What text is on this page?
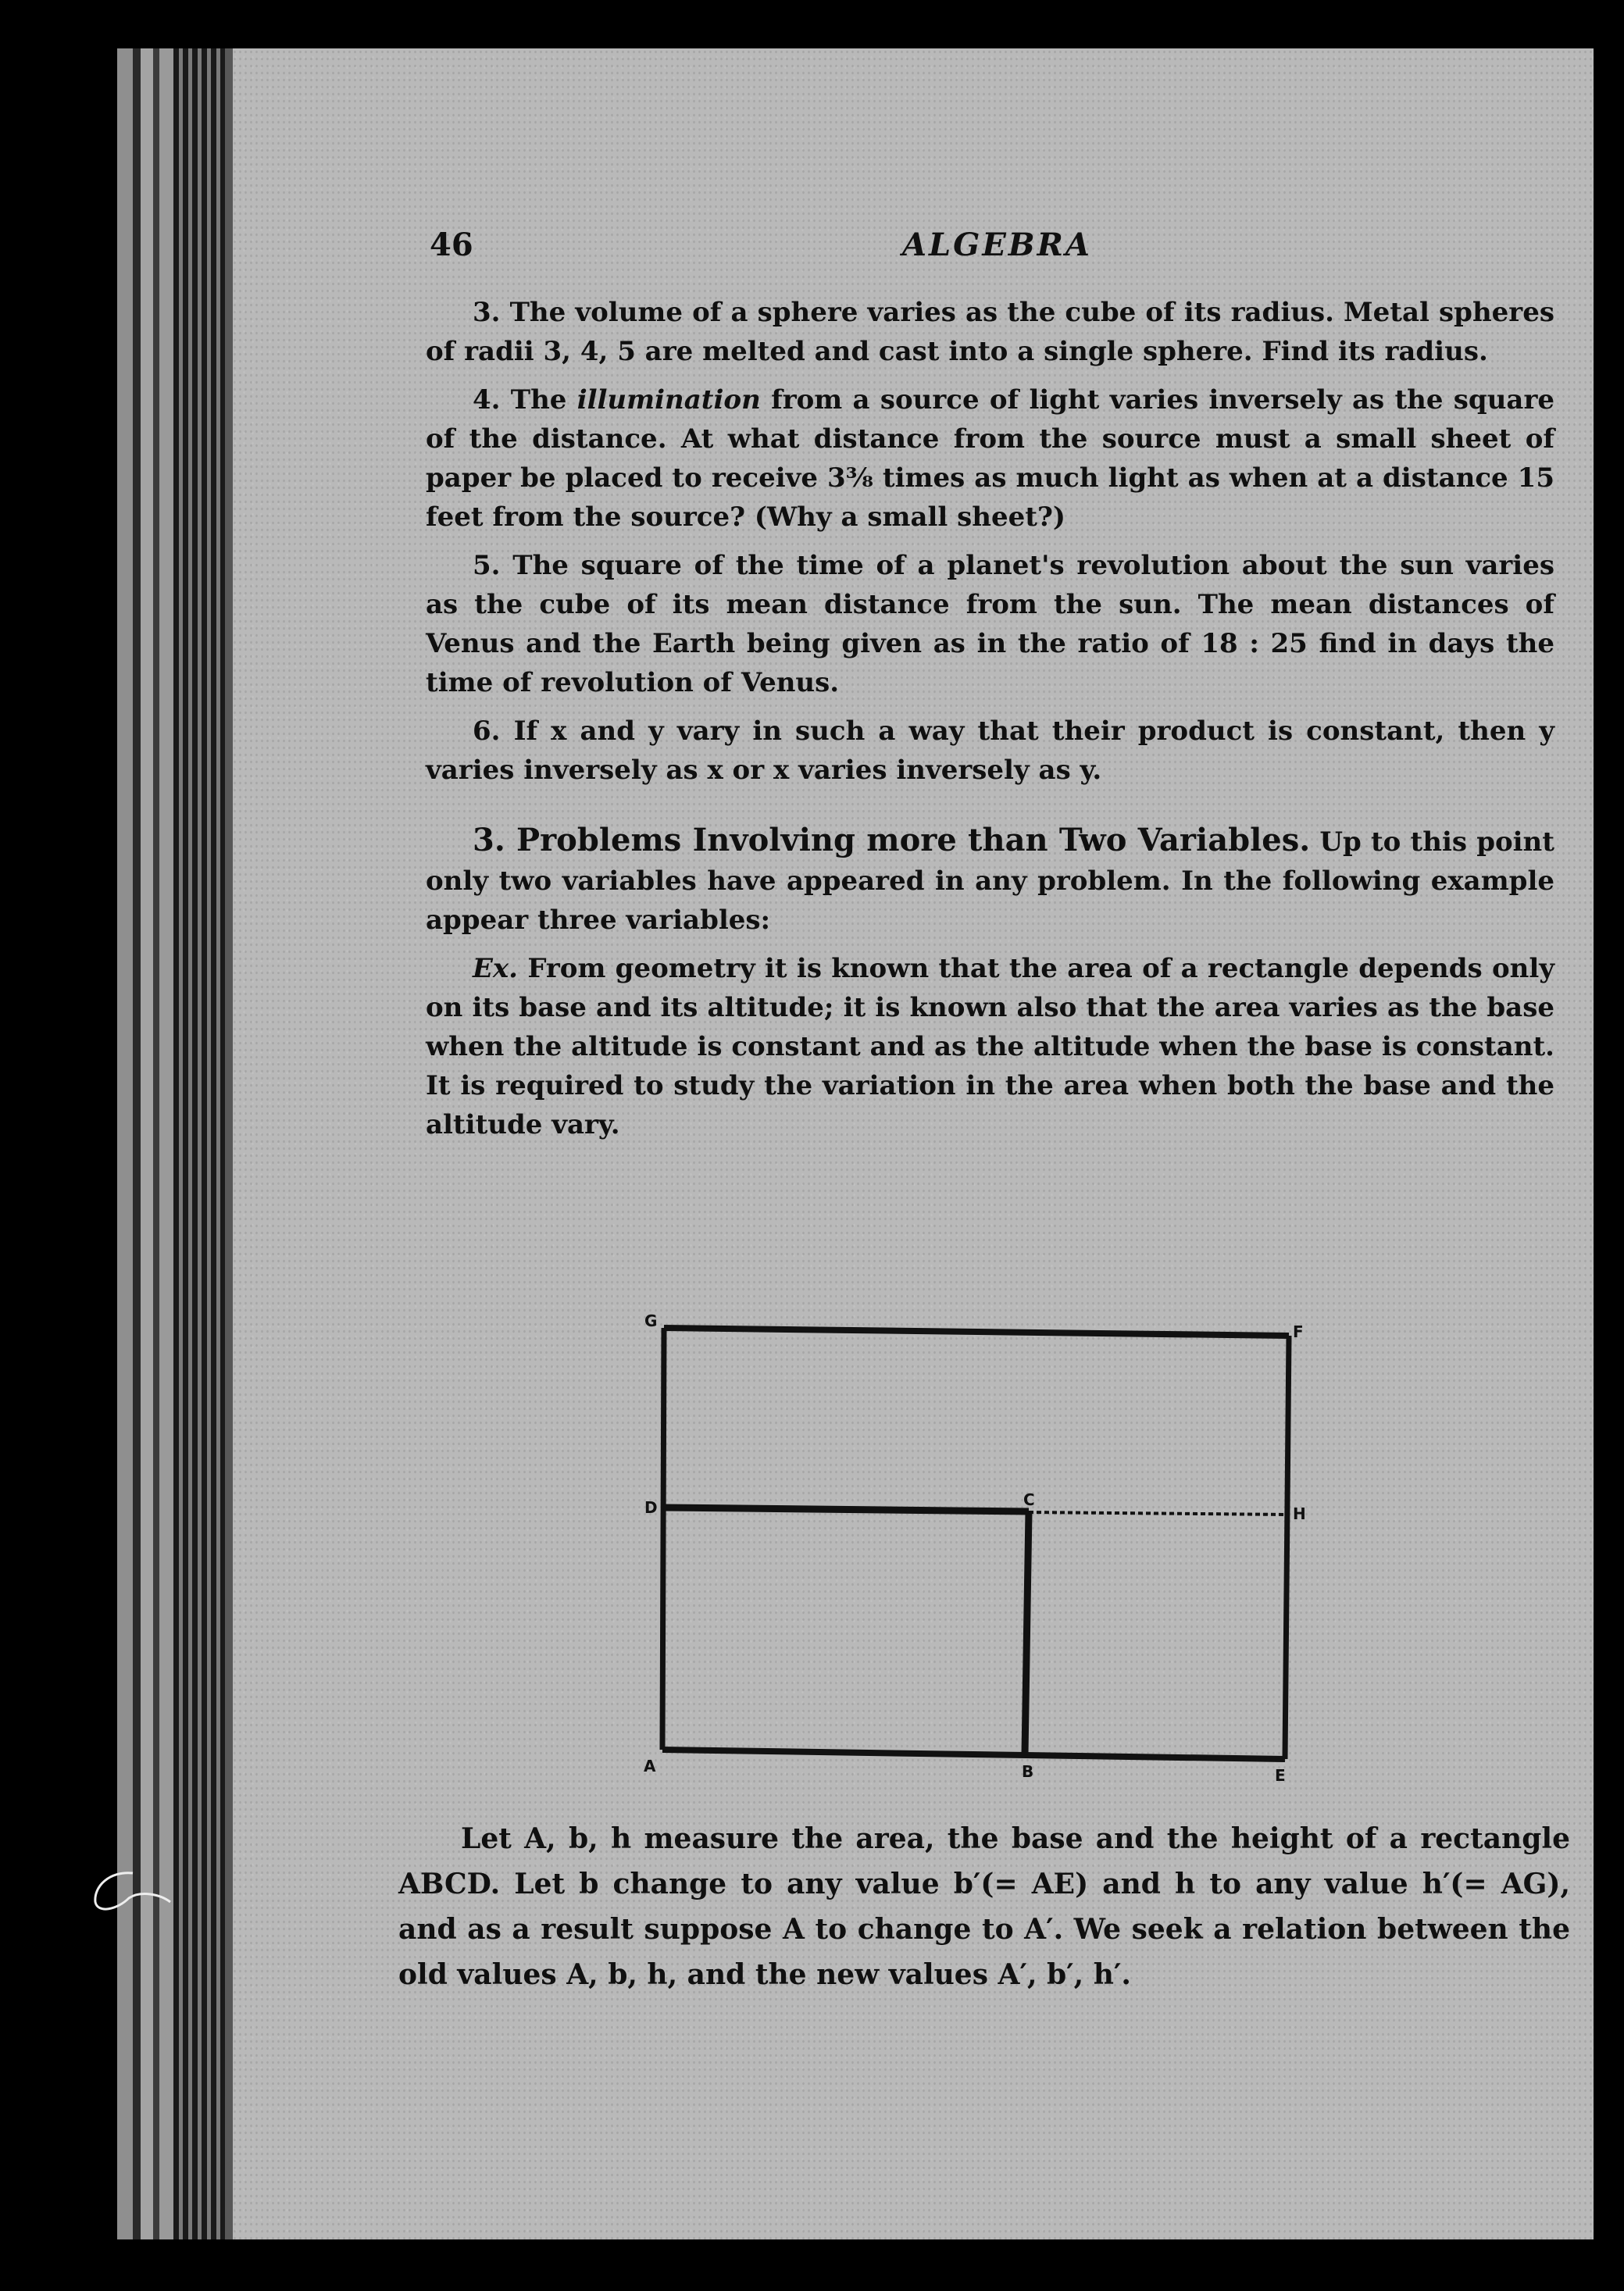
46	ALGEBRA

3. The volume of a sphere varies as the cube of its radius. Metal spheres of radii 3, 4, 5 are melted and cast into a single sphere. Find its radius.

4. The illumination from a source of light varies inversely as the square of the distance. At what distance from the source must a small sheet of paper be placed to receive 3⅜ times as much light as when at a distance 15 feet from the source? (Why a small sheet?)

5. The square of the time of a planet's revolution about the sun varies as the cube of its mean distance from the sun. The mean distances of Venus and the Earth being given as in the ratio of 18 : 25 find in days the time of revolution of Venus.

6. If x and y vary in such a way that their product is constant, then y varies inversely as x or x varies inversely as y.

3. Problems Involving more than Two Variables. Up to this point only two variables have appeared in any problem. In the following example appear three variables:

Ex. From geometry it is known that the area of a rectangle depends only on its base and its altitude; it is known also that the area varies as the base when the altitude is constant and as the altitude when the base is constant. It is required to study the variation in the area when both the base and the altitude vary.

G
F
D	C
H
A	B	E

Let A, b, h measure the area, the base and the height of a rectangle ABCD. Let b change to any value b′(= AE) and h to any value h′(= AG), and as a result suppose A to change to A′. We seek a relation between the old values A, b, h, and the new values A′, b′, h′.
